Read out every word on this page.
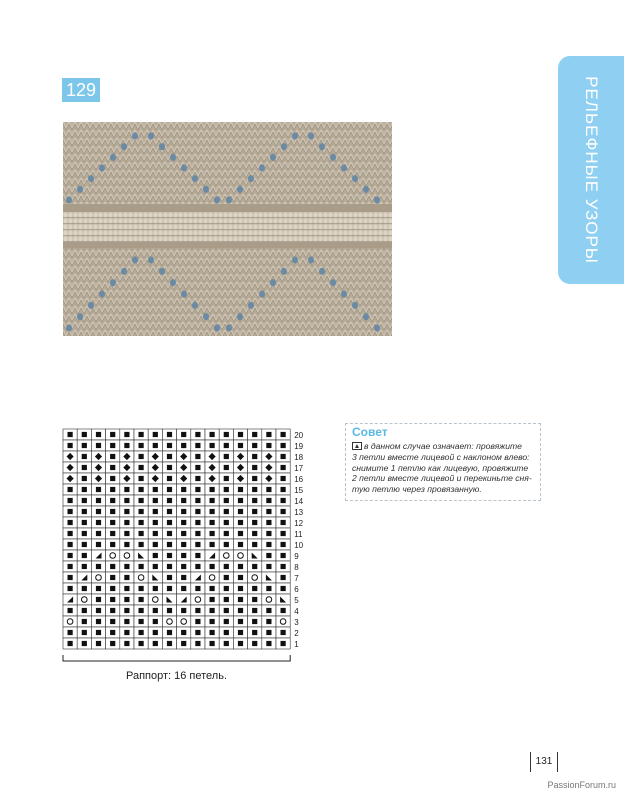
129	РЕЛЬЕФНЫЕ УЗОРЫ
20
19
18
17
16
15
14
13
12
11
10
9
8
7
6
5
4
3
2
1
Раппорт: 16 петель.
Совет
в данном случае означает: провяжите
3 петли вместе лицевой с наклоном влево:
снимите 1 петлю как лицевую, провяжите
2 петли вместе лицевой и перекиньте сня-
тую петлю через провязанную.
131
PassionForum.ru
